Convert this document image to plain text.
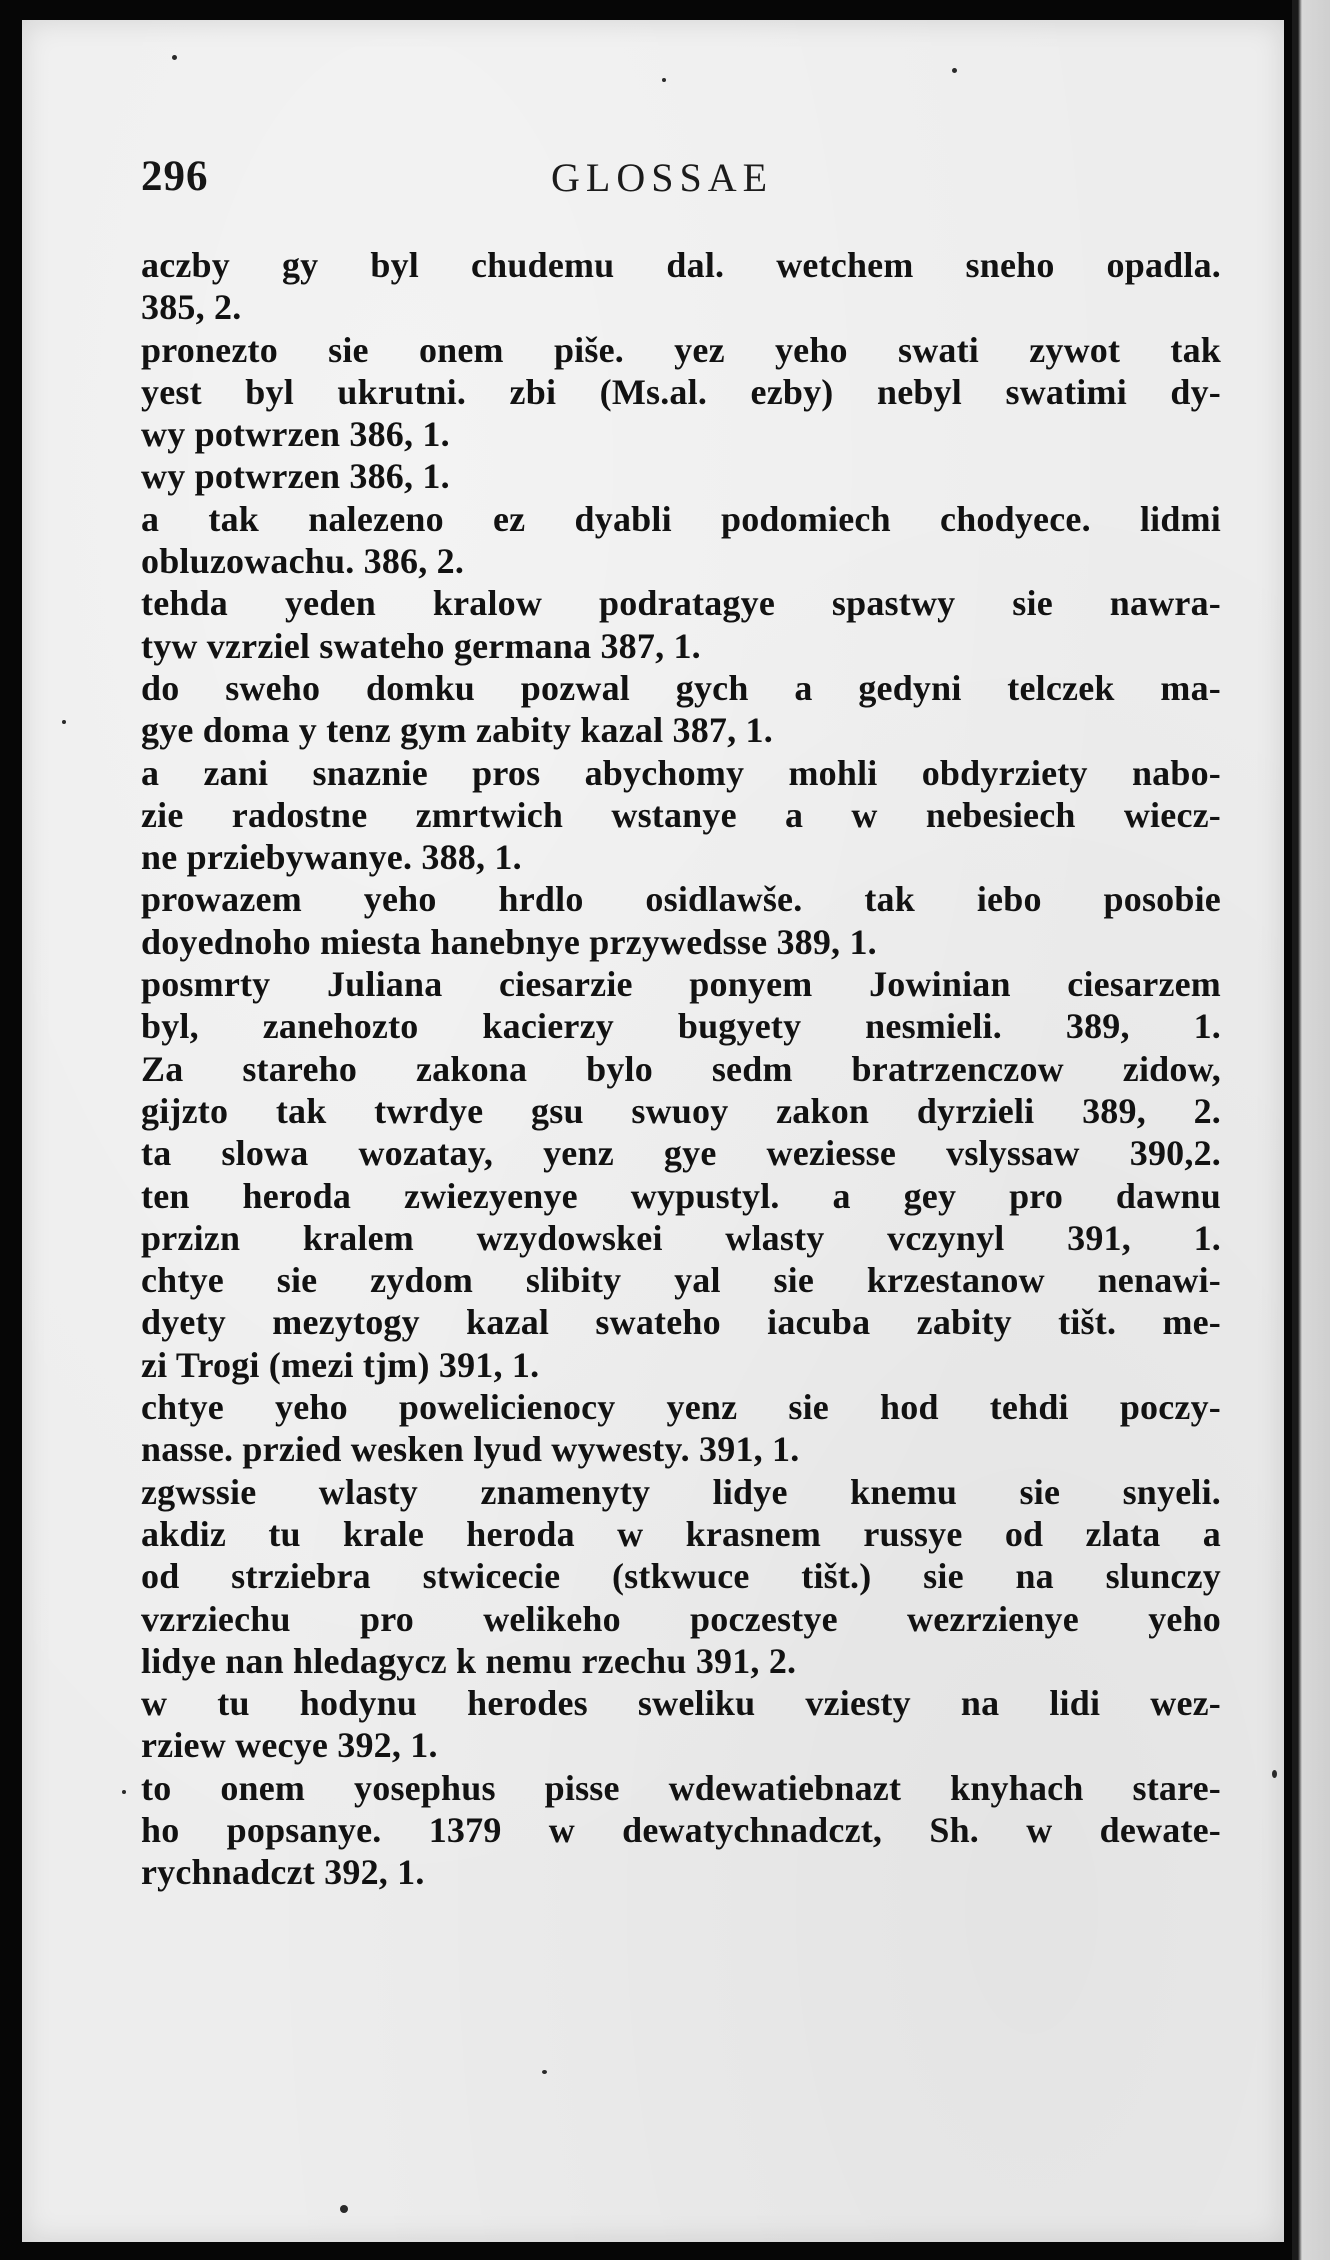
296	GLOSSAE
aczby gy byl chudemu dal. wetchem sneho opadla.
385, 2.
pronezto sie onem piše. yez yeho swati zywot tak
yest byl ukrutni. zbi (Ms.al. ezby) nebyl swatimi dy-
wy potwrzen 386, 1.
wy potwrzen 386, 1.
a tak nalezeno ez dyabli podomiech chodyece. lidmi
obluzowachu. 386, 2.
tehda yeden kralow podratagye spastwy sie nawra-
tyw vzrziel swateho germana 387, 1.
do sweho domku pozwal gych a gedyni telczek ma-
gye doma y tenz gym zabity kazal 387, 1.
a zani snaznie pros abychomy mohli obdyrziety nabo-
zie radostne zmrtwich wstanye a w nebesiech wiecz-
ne prziebywanye. 388, 1.
prowazem yeho hrdlo osidlawše. tak iebo posobie
doyednoho miesta hanebnye przywedsse 389, 1.
posmrty Juliana ciesarzie ponyem Jowinian ciesarzem
byl, zanehozto kacierzy bugyety nesmieli. 389, 1.
Za stareho zakona bylo sedm bratrzenczow zidow,
gijzto tak twrdye gsu swuoy zakon dyrzieli 389, 2.
ta slowa wozatay, yenz gye weziesse vslyssaw 390,2.
ten heroda zwiezyenye wypustyl. a gey pro dawnu
przizn kralem wzydowskei wlasty vczynyl 391, 1.
chtye sie zydom slibity yal sie krzestanow nenawi-
dyety mezytogy kazal swateho iacuba zabity tišt. me-
zi Trogi (mezi tjm) 391, 1.
chtye yeho powelicienocy yenz sie hod tehdi poczy-
nasse. przied wesken lyud wywesty. 391, 1.
zgwssie wlasty znamenyty lidye knemu sie snyeli.
akdiz tu krale heroda w krasnem russye od zlata a
od strziebra stwicecie (stkwuce tišt.) sie na slunczy
vzrziechu pro welikeho poczestye wezrzienye yeho
lidye nan hledagycz k nemu rzechu 391, 2.
w tu hodynu herodes sweliku vziesty na lidi wez-
rziew wecye 392, 1.
to onem yosephus pisse wdewatiebnazt knyhach stare-
ho popsanye. 1379 w dewatychnadczt, Sh. w dewate-
rychnadczt 392, 1.
